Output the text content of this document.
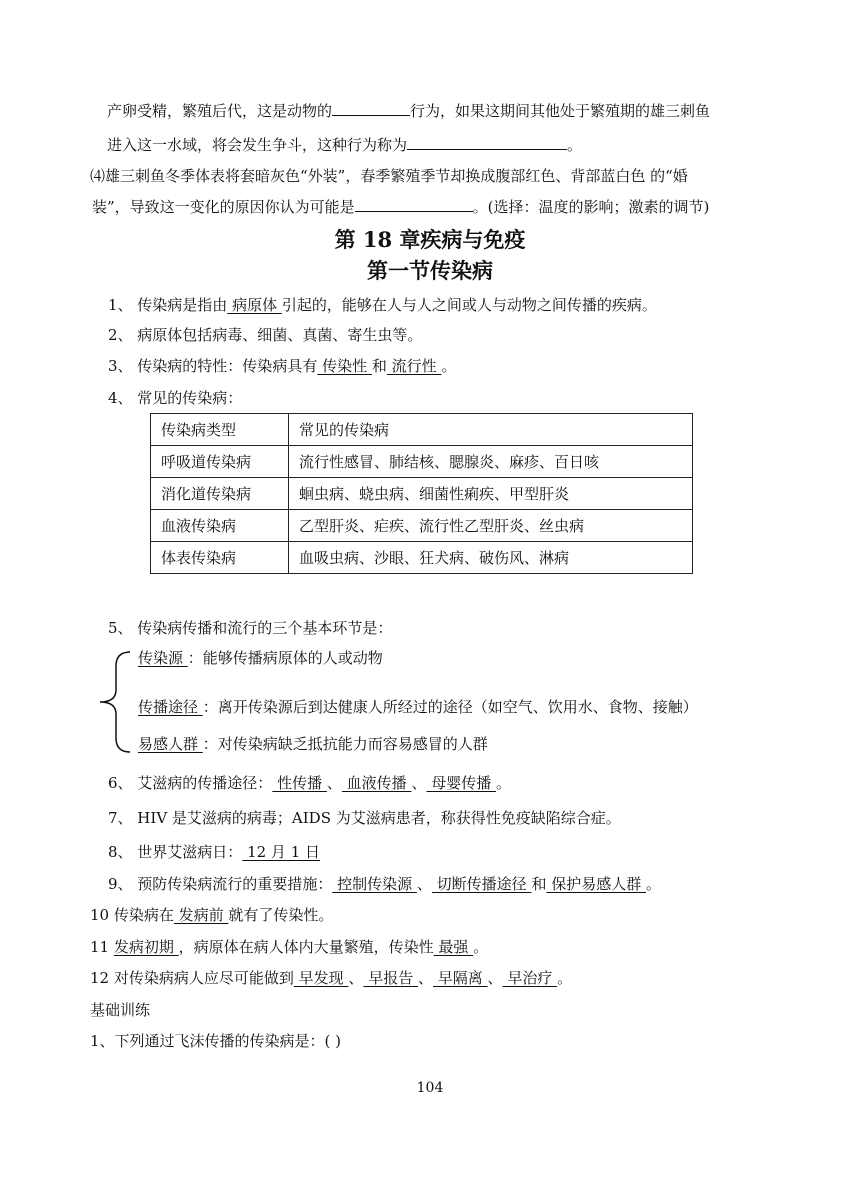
产卵受精，繁殖后代，这是动物的	行为，如果这期间其他处于繁殖期的雄三刺鱼
进入这一水域，将会发生争斗，这种行为称为	。
⑷雄三刺鱼冬季体表将套暗灰色“外装”，春季繁殖季节却换成腹部红色、背部蓝白色 的“婚
装”，导致这一变化的原因你认为可能是	。(选择：温度的影响；激素的调节)
第 18 章疾病与免疫
第一节传染病
1、 传染病是指由 病原体 引起的，能够在人与人之间或人与动物之间传播的疾病。
2、 病原体包括病毒、细菌、真菌、寄生虫等。
3、 传染病的特性：传染病具有 传染性 和 流行性 。
4、 常见的传染病：
传染病类型	常见的传染病
呼吸道传染病	流行性感冒、肺结核、腮腺炎、麻疹、百日咳
消化道传染病	蛔虫病、蛲虫病、细菌性痢疾、甲型肝炎
血液传染病	乙型肝炎、疟疾、流行性乙型肝炎、丝虫病
体表传染病	血吸虫病、沙眼、狂犬病、破伤风、淋病
5、 传染病传播和流行的三个基本环节是：
传染源 ：能够传播病原体的人或动物
传播途径 ：离开传染源后到达健康人所经过的途径（如空气、饮用水、食物、接触）
易感人群 ：对传染病缺乏抵抗能力而容易感冒的人群
6、 艾滋病的传播途径： 性传播 、 血液传播 、 母婴传播 。
7、 HIV 是艾滋病的病毒；AIDS 为艾滋病患者，称获得性免疫缺陷综合症。
8、 世界艾滋病日： 12 月 1 日
9、 预防传染病流行的重要措施： 控制传染源 、 切断传播途径 和 保护易感人群 。
10 传染病在 发病前 就有了传染性。
11 发病初期 ，病原体在病人体内大量繁殖，传染性 最强 。
12 对传染病病人应尽可能做到 早发现 、 早报告 、 早隔离 、 早治疗 。
基础训练
1、下列通过飞沫传播的传染病是：( )
104
